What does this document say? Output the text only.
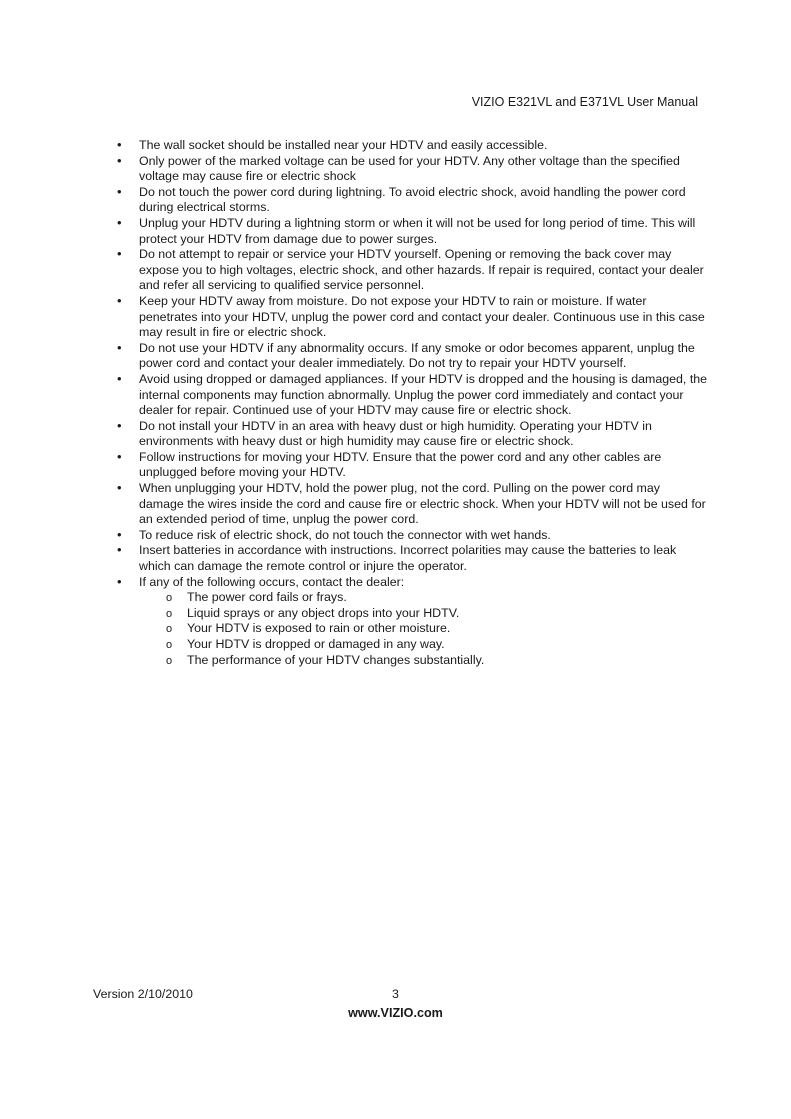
VIZIO E321VL and E371VL User Manual
• The wall socket should be installed near your HDTV and easily accessible.
• Only power of the marked voltage can be used for your HDTV. Any other voltage than the specified voltage may cause fire or electric shock
• Do not touch the power cord during lightning. To avoid electric shock, avoid handling the power cord during electrical storms.
• Unplug your HDTV during a lightning storm or when it will not be used for long period of time. This will protect your HDTV from damage due to power surges.
• Do not attempt to repair or service your HDTV yourself. Opening or removing the back cover may expose you to high voltages, electric shock, and other hazards. If repair is required, contact your dealer and refer all servicing to qualified service personnel.
• Keep your HDTV away from moisture. Do not expose your HDTV to rain or moisture. If water penetrates into your HDTV, unplug the power cord and contact your dealer. Continuous use in this case may result in fire or electric shock.
• Do not use your HDTV if any abnormality occurs. If any smoke or odor becomes apparent, unplug the power cord and contact your dealer immediately. Do not try to repair your HDTV yourself.
• Avoid using dropped or damaged appliances. If your HDTV is dropped and the housing is damaged, the internal components may function abnormally. Unplug the power cord immediately and contact your dealer for repair. Continued use of your HDTV may cause fire or electric shock.
• Do not install your HDTV in an area with heavy dust or high humidity. Operating your HDTV in environments with heavy dust or high humidity may cause fire or electric shock.
• Follow instructions for moving your HDTV. Ensure that the power cord and any other cables are unplugged before moving your HDTV.
• When unplugging your HDTV, hold the power plug, not the cord. Pulling on the power cord may damage the wires inside the cord and cause fire or electric shock. When your HDTV will not be used for an extended period of time, unplug the power cord.
• To reduce risk of electric shock, do not touch the connector with wet hands.
• Insert batteries in accordance with instructions. Incorrect polarities may cause the batteries to leak which can damage the remote control or injure the operator.
• If any of the following occurs, contact the dealer:
o The power cord fails or frays.
o Liquid sprays or any object drops into your HDTV.
o Your HDTV is exposed to rain or other moisture.
o Your HDTV is dropped or damaged in any way.
o The performance of your HDTV changes substantially.
Version 2/10/2010	3
www.VIZIO.com
